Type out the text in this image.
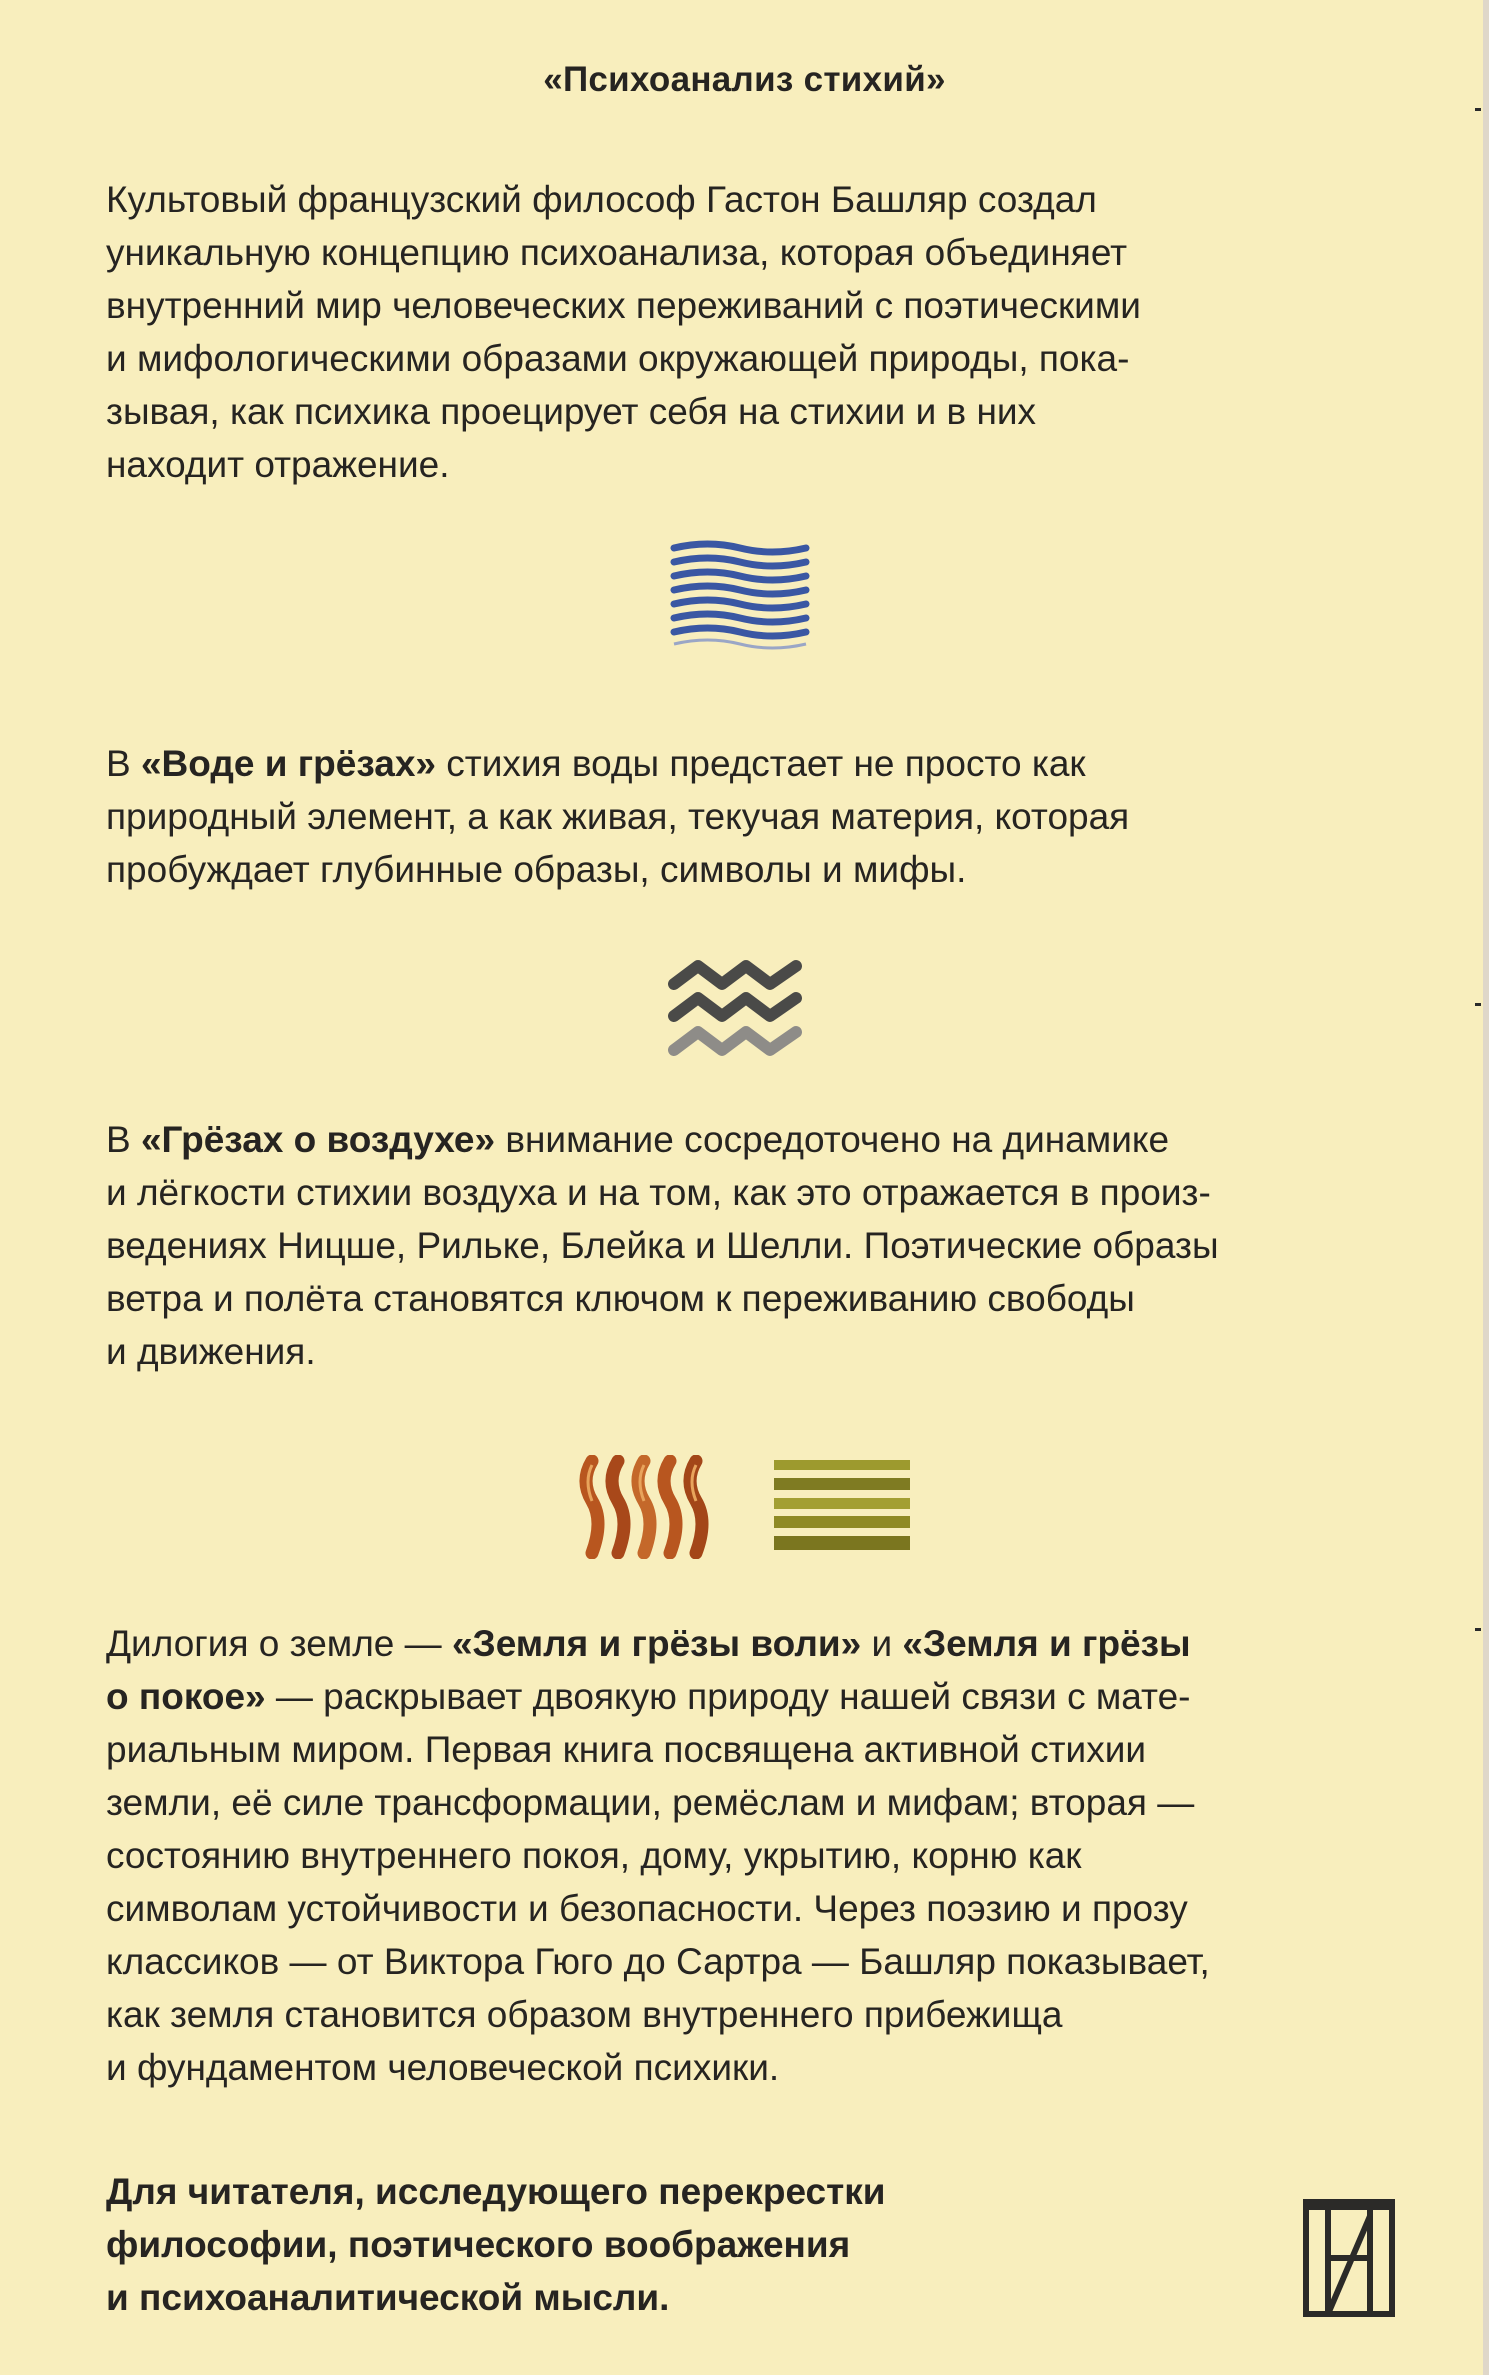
«Психоанализ стихий»

Культовый французский философ Гастон Башляр создал
уникальную концепцию психоанализа, которая объединяет
внутренний мир человеческих переживаний с поэтическими
и мифологическими образами окружающей природы, пока-
зывая, как психика проецирует себя на стихии и в них
находит отражение.

В «Воде и грёзах» стихия воды предстает не просто как
природный элемент, а как живая, текучая материя, которая
пробуждает глубинные образы, символы и мифы.

В «Грёзах о воздухе» внимание сосредоточено на динамике
и лёгкости стихии воздуха и на том, как это отражается в произ-
ведениях Ницше, Рильке, Блейка и Шелли. Поэтические образы
ветра и полёта становятся ключом к переживанию свободы
и движения.

Дилогия о земле — «Земля и грёзы воли» и «Земля и грёзы
о покое» — раскрывает двоякую природу нашей связи с мате-
риальным миром. Первая книга посвящена активной стихии
земли, её силе трансформации, ремёслам и мифам; вторая —
состоянию внутреннего покоя, дому, укрытию, корню как
символам устойчивости и безопасности. Через поэзию и прозу
классиков — от Виктора Гюго до Сартра — Башляр показывает,
как земля становится образом внутреннего прибежища
и фундаментом человеческой психики.

Для читателя, исследующего перекрестки
философии, поэтического воображения
и психоаналитической мысли.
